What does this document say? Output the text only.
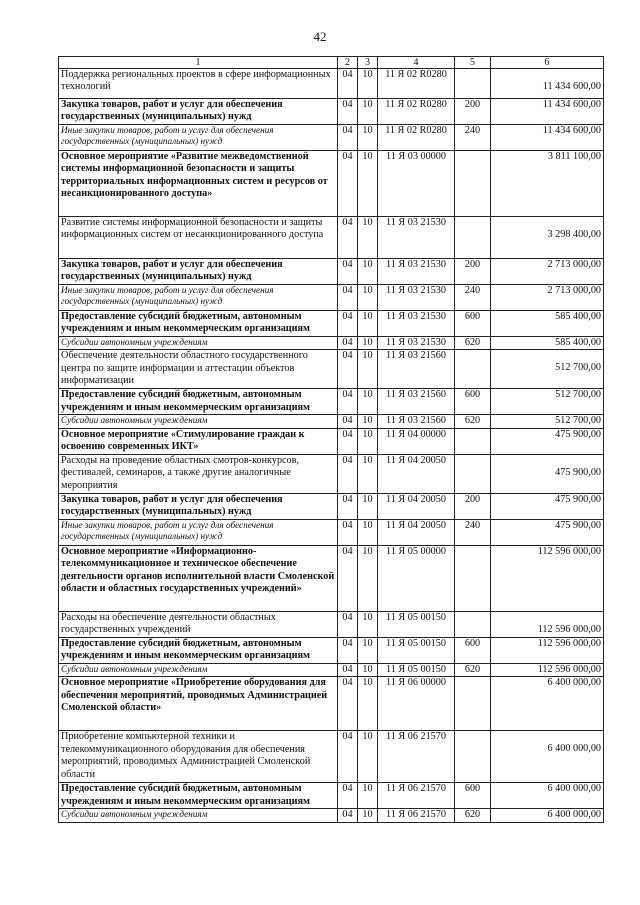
42
1	2	3	4	5	6
Поддержка региональных проектов в сфере информационных технологий	04	10	11 Я 02 R0280		11 434 600,00
Закупка товаров, работ и услуг для обеспечения государственных (муниципальных) нужд	04	10	11 Я 02 R0280	200	11 434 600,00
Иные закупки товаров, работ и услуг для обеспечения государственных (муниципальных) нужд	04	10	11 Я 02 R0280	240	11 434 600,00
Основное мероприятие «Развитие межведомственной системы информационной безопасности и защиты территориальных информационных систем и ресурсов от несанкционированного доступа»	04	10	11 Я 03 00000		3 811 100,00
Развитие системы информационной безопасности и защиты информационных систем от несанкционированного доступа	04	10	11 Я 03 21530		3 298 400,00
Закупка товаров, работ и услуг для обеспечения государственных (муниципальных) нужд	04	10	11 Я 03 21530	200	2 713 000,00
Иные закупки товаров, работ и услуг для обеспечения государственных (муниципальных) нужд	04	10	11 Я 03 21530	240	2 713 000,00
Предоставление субсидий бюджетным, автономным учреждениям и иным некоммерческим организациям	04	10	11 Я 03 21530	600	585 400,00
Субсидии автономным учреждениям	04	10	11 Я 03 21530	620	585 400,00
Обеспечение деятельности областного государственного центра по защите информации и аттестации объектов информатизации	04	10	11 Я 03 21560		512 700,00
Предоставление субсидий бюджетным, автономным учреждениям и иным некоммерческим организациям	04	10	11 Я 03 21560	600	512 700,00
Субсидии автономным учреждениям	04	10	11 Я 03 21560	620	512 700,00
Основное мероприятие «Стимулирование граждан к освоению современных ИКТ»	04	10	11 Я 04 00000		475 900,00
Расходы на проведение областных смотров-конкурсов, фестивалей, семинаров, а также другие аналогичные мероприятия	04	10	11 Я 04 20050		475 900,00
Закупка товаров, работ и услуг для обеспечения государственных (муниципальных) нужд	04	10	11 Я 04 20050	200	475 900,00
Иные закупки товаров, работ и услуг для обеспечения государственных (муниципальных) нужд	04	10	11 Я 04 20050	240	475 900,00
Основное мероприятие «Информационно-телекоммуникационное и техническое обеспечение деятельности органов исполнительной власти Смоленской области и областных государственных учреждений»	04	10	11 Я 05 00000		112 596 000,00
Расходы на обеспечение деятельности областных государственных учреждений	04	10	11 Я 05 00150		112 596 000,00
Предоставление субсидий бюджетным, автономным учреждениям и иным некоммерческим организациям	04	10	11 Я 05 00150	600	112 596 000,00
Субсидии автономным учреждениям	04	10	11 Я 05 00150	620	112 596 000,00
Основное мероприятие «Приобретение оборудования для обеспечения мероприятий, проводимых Администрацией Смоленской области»	04	10	11 Я 06 00000		6 400 000,00
Приобретение компьютерной техники и телекоммуникационного оборудования для обеспечения мероприятий, проводимых Администрацией Смоленской области	04	10	11 Я 06 21570		6 400 000,00
Предоставление субсидий бюджетным, автономным учреждениям и иным некоммерческим организациям	04	10	11 Я 06 21570	600	6 400 000,00
Субсидии автономным учреждениям	04	10	11 Я 06 21570	620	6 400 000,00
